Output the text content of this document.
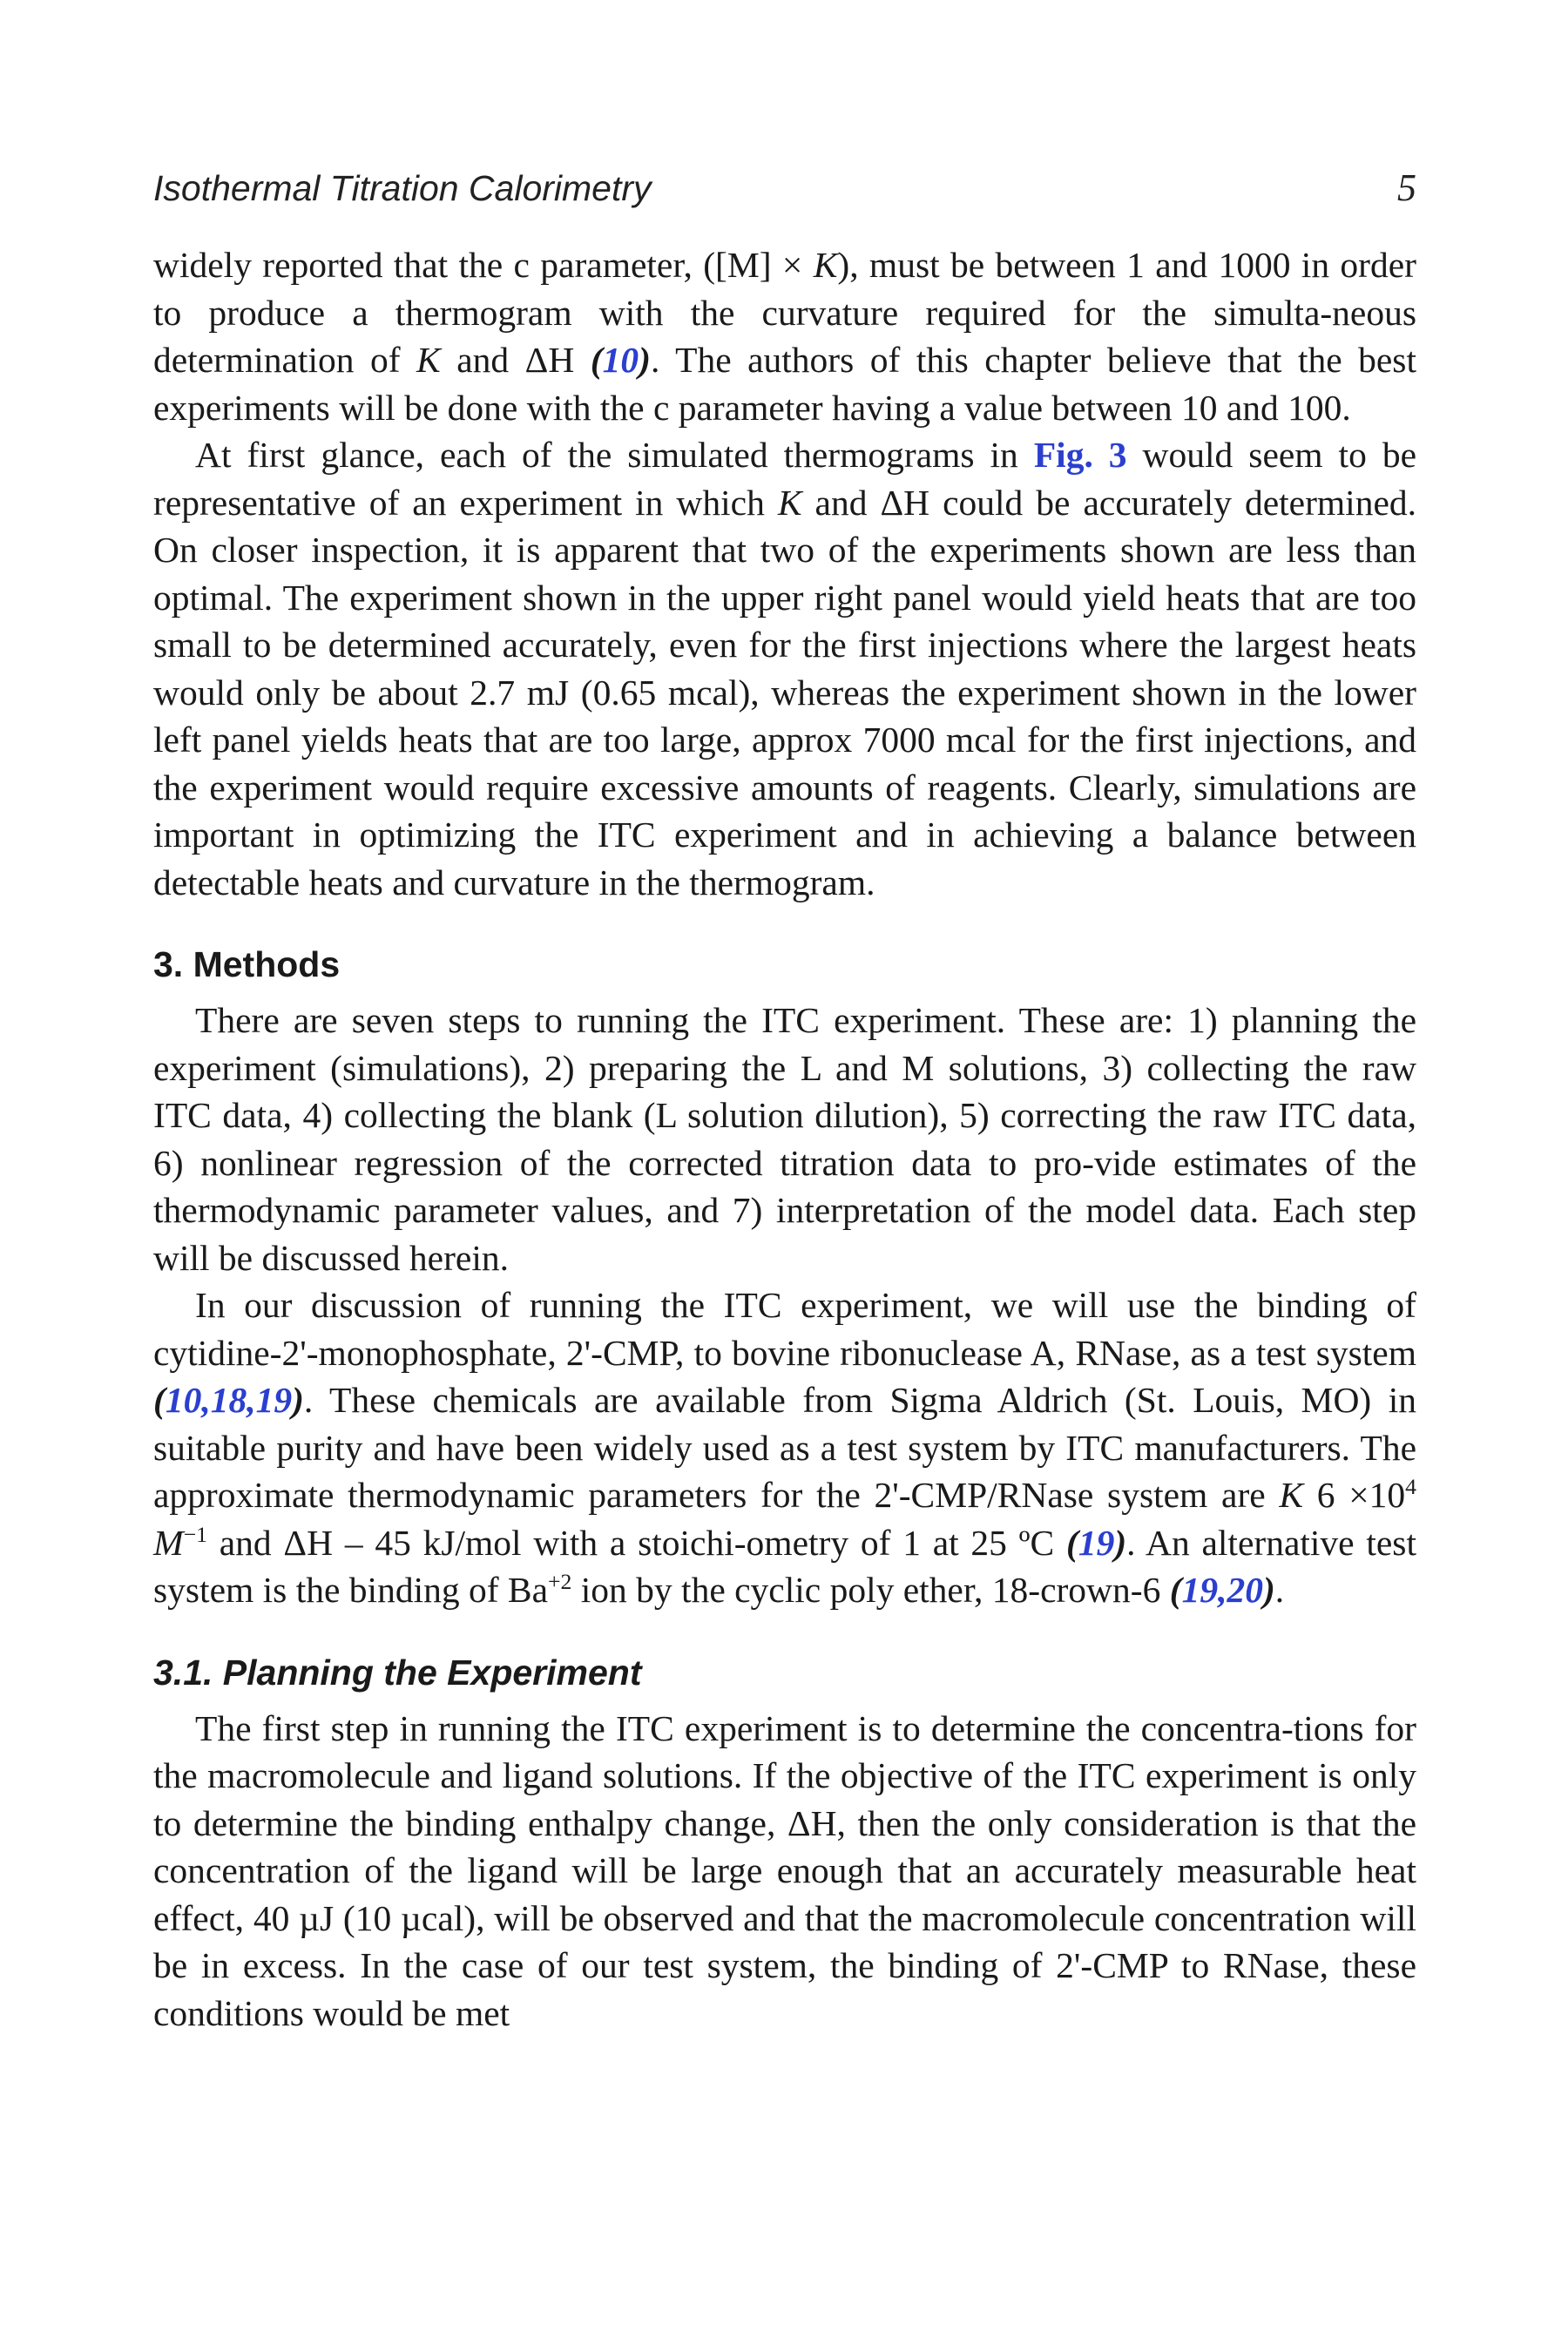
Isothermal Titration Calorimetry	5

widely reported that the c parameter, ([M] × K), must be between 1 and 1000 in order to produce a thermogram with the curvature required for the simulta-neous determination of K and ΔH (10). The authors of this chapter believe that the best experiments will be done with the c parameter having a value between 10 and 100.

At first glance, each of the simulated thermograms in Fig. 3 would seem to be representative of an experiment in which K and ΔH could be accurately determined. On closer inspection, it is apparent that two of the experiments shown are less than optimal. The experiment shown in the upper right panel would yield heats that are too small to be determined accurately, even for the first injections where the largest heats would only be about 2.7 mJ (0.65 mcal), whereas the experiment shown in the lower left panel yields heats that are too large, approx 7000 mcal for the first injections, and the experiment would require excessive amounts of reagents. Clearly, simulations are important in optimizing the ITC experiment and in achieving a balance between detectable heats and curvature in the thermogram.

3. Methods

There are seven steps to running the ITC experiment. These are: 1) planning the experiment (simulations), 2) preparing the L and M solutions, 3) collecting the raw ITC data, 4) collecting the blank (L solution dilution), 5) correcting the raw ITC data, 6) nonlinear regression of the corrected titration data to pro-vide estimates of the thermodynamic parameter values, and 7) interpretation of the model data. Each step will be discussed herein.

In our discussion of running the ITC experiment, we will use the binding of cytidine-2'-monophosphate, 2'-CMP, to bovine ribonuclease A, RNase, as a test system (10,18,19). These chemicals are available from Sigma Aldrich (St. Louis, MO) in suitable purity and have been widely used as a test system by ITC manufacturers. The approximate thermodynamic parameters for the 2'-CMP/RNase system are K $6 \times 10^4$ $M^{-1}$ and ΔH – 45 kJ/mol with a stoichi-ometry of 1 at 25 ºC (19). An alternative test system is the binding of $Ba^{+2}$ ion by the cyclic poly ether, 18-crown-6 (19,20).

3.1. Planning the Experiment

The first step in running the ITC experiment is to determine the concentra-tions for the macromolecule and ligand solutions. If the objective of the ITC experiment is only to determine the binding enthalpy change, ΔH, then the only consideration is that the concentration of the ligand will be large enough that an accurately measurable heat effect, 40 µJ (10 µcal), will be observed and that the macromolecule concentration will be in excess. In the case of our test system, the binding of 2'-CMP to RNase, these conditions would be met
